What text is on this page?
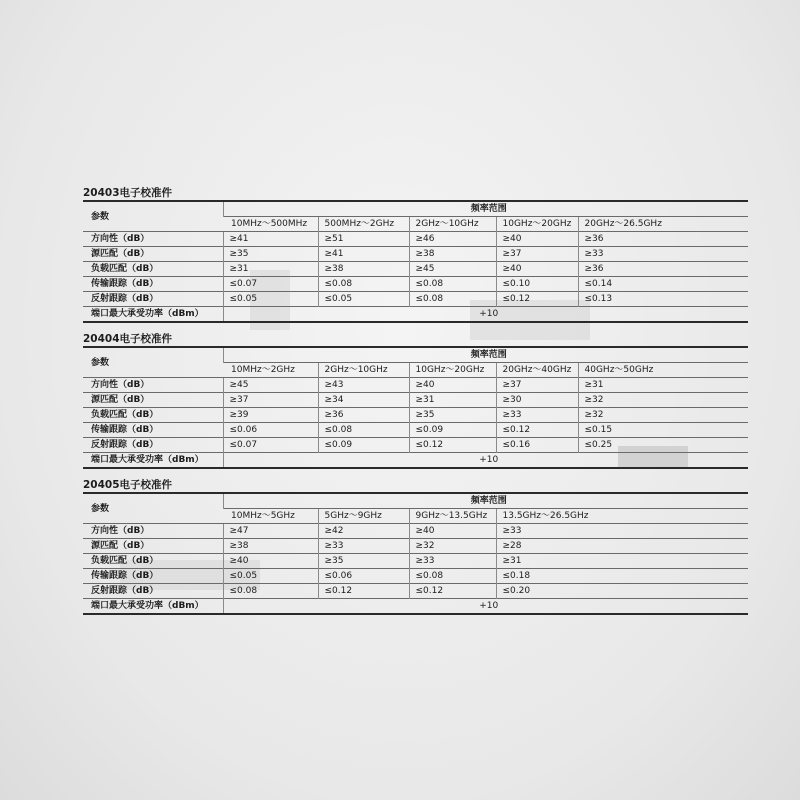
20403电子校准件
参数	频率范围				
	10MHz～500MHz	500MHz～2GHz	2GHz～10GHz	10GHz～20GHz	20GHz～26.5GHz
方向性（dB）	≥41	≥51	≥46	≥40	≥36
源匹配（dB）	≥35	≥41	≥38	≥37	≥33
负载匹配（dB）	≥31	≥38	≥45	≥40	≥36
传输跟踪（dB）	≤0.07	≤0.08	≤0.08	≤0.10	≤0.14
反射跟踪（dB）	≤0.05	≤0.05	≤0.08	≤0.12	≤0.13
端口最大承受功率（dBm）	+10				
20404电子校准件
参数	频率范围				
	10MHz～2GHz	2GHz～10GHz	10GHz～20GHz	20GHz～40GHz	40GHz～50GHz
方向性（dB）	≥45	≥43	≥40	≥37	≥31
源匹配（dB）	≥37	≥34	≥31	≥30	≥32
负载匹配（dB）	≥39	≥36	≥35	≥33	≥32
传输跟踪（dB）	≤0.06	≤0.08	≤0.09	≤0.12	≤0.15
反射跟踪（dB）	≤0.07	≤0.09	≤0.12	≤0.16	≤0.25
端口最大承受功率（dBm）	+10				
20405电子校准件
参数	频率范围			
	10MHz～5GHz	5GHz～9GHz	9GHz～13.5GHz	13.5GHz～26.5GHz
方向性（dB）	≥47	≥42	≥40	≥33
源匹配（dB）	≥38	≥33	≥32	≥28
负载匹配（dB）	≥40	≥35	≥33	≥31
传输跟踪（dB）	≤0.05	≤0.06	≤0.08	≤0.18
反射跟踪（dB）	≤0.08	≤0.12	≤0.12	≤0.20
端口最大承受功率（dBm）	+10			
